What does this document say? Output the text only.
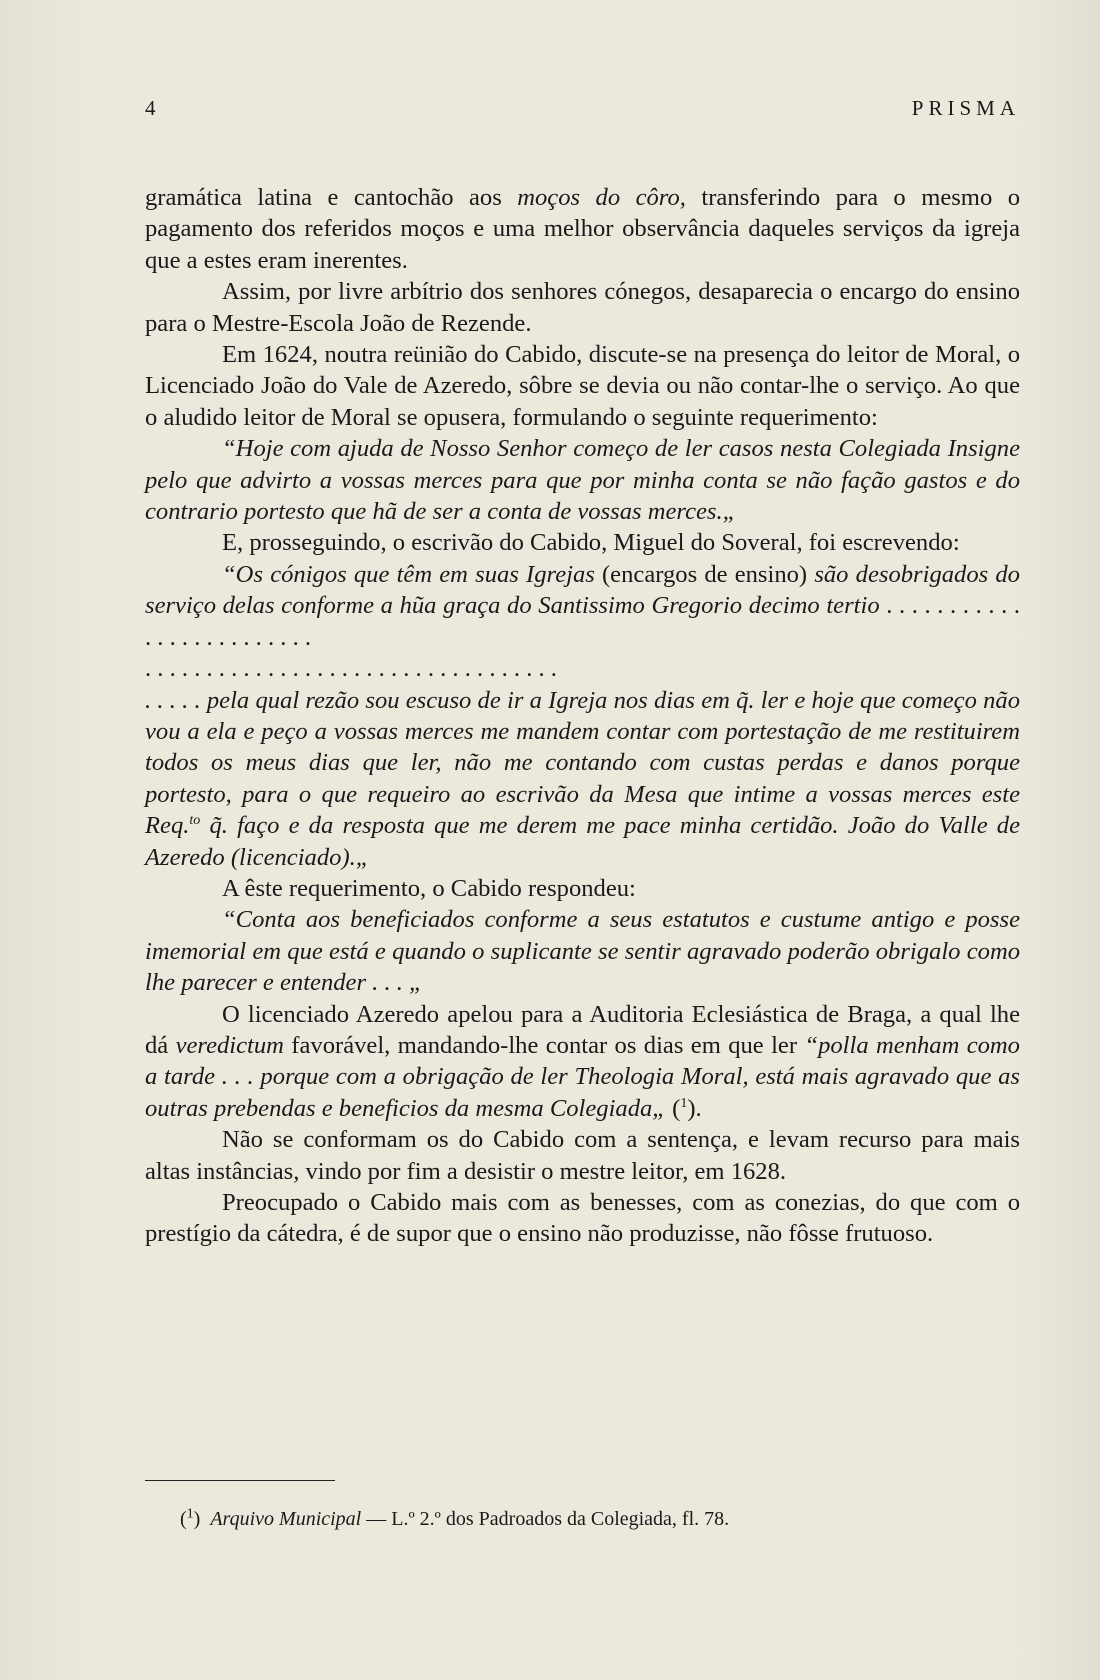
4	PRISMA

gramática latina e cantochão aos moços do côro, transferindo para o mesmo o pagamento dos referidos moços e uma melhor observância daqueles serviços da igreja que a estes eram inerentes.

Assim, por livre arbítrio dos senhores cónegos, desaparecia o encargo do ensino para o Mestre-Escola João de Rezende.

Em 1624, noutra reünião do Cabido, discute-se na presença do leitor de Moral, o Licenciado João do Vale de Azeredo, sôbre se devia ou não contar-lhe o serviço. Ao que o aludido leitor de Moral se opusera, formulando o seguinte requerimento:

“Hoje com ajuda de Nosso Senhor começo de ler casos nesta Colegiada Insigne pelo que advirto a vossas merces para que por minha conta se não fação gastos e do contrario portesto que hã de ser a conta de vossas merces.„

E, prosseguindo, o escrivão do Cabido, Miguel do Soveral, foi escrevendo:

“Os cónigos que têm em suas Igrejas (encargos de ensino) são desobrigados do serviço delas conforme a hũa graça do Santissimo Gregorio decimo tertio . . . . . . . . . . . . . . . . . . . . . . . . .

. . . . . . . . . . . . . . . . . . . . . . . . . . . . . . . . . .

. . . . . pela qual rezão sou escuso de ir a Igreja nos dias em q̃. ler e hoje que começo não vou a ela e peço a vossas merces me mandem contar com portestação de me restituirem todos os meus dias que ler, não me contando com custas perdas e danos porque portesto, para o que requeiro ao escrivão da Mesa que intime a vossas merces este Req.$^{to}$ q̃. faço e da resposta que me derem me pace minha certidão. João do Valle de Azeredo (licenciado).„

A êste requerimento, o Cabido respondeu:

“Conta aos beneficiados conforme a seus estatutos e custume antigo e posse imemorial em que está e quando o suplicante se sentir agravado poderão obrigalo como lhe parecer e entender . . . „

O licenciado Azeredo apelou para a Auditoria Eclesiástica de Braga, a qual lhe dá veredictum favorável, mandando-lhe contar os dias em que ler “polla menham como a tarde . . . porque com a obrigação de ler Theologia Moral, está mais agravado que as outras prebendas e beneficios da mesma Colegiada„ ($^1$).

Não se conformam os do Cabido com a sentença, e levam recurso para mais altas instâncias, vindo por fim a desistir o mestre leitor, em 1628.

Preocupado o Cabido mais com as benesses, com as conezias, do que com o prestígio da cátedra, é de supor que o ensino não produzisse, não fôsse frutuoso.

($^1$) Arquivo Municipal — L.º 2.º dos Padroados da Colegiada, fl. 78.
